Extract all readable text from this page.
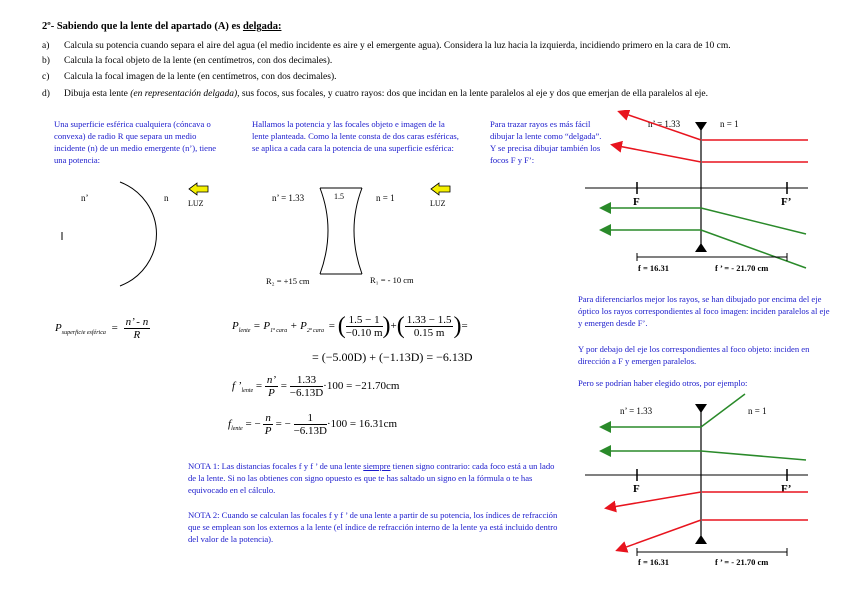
2º- Sabiendo que la lente del apartado (A) es delgada:
a) Calcula su potencia cuando separa el aire del agua (el medio incidente es aire y el emergente agua). Considera la luz hacia la izquierda, incidiendo primero en la cara de 10 cm.
b) Calcula la focal objeto de la lente (en centímetros, con dos decimales).
c) Calcula la focal imagen de la lente (en centímetros, con dos decimales).
d) Dibuja esta lente (en representación delgada), sus focos, sus focales, y cuatro rayos: dos que incidan en la lente paralelos al eje y dos que emerjan de ella paralelos al eje.
Una superficie esférica cualquiera (cóncava o convexa) de radio R que separa un medio incidente (n) de un medio emergente (n’), tiene una potencia:
n’	n
LUZ
$P_{superficie esférica} = \frac{n’ - n}{R}$
Hallamos la potencia y las focales objeto e imagen de la lente planteada. Como la lente consta de dos caras esféricas, se aplica a cada cara la potencia de una superficie esférica:
n’ = 1.33	1.5	n = 1
LUZ
R₂ = +15 cm	R₁ = - 10 cm
$P_{lente} = P_{1ª cara} + P_{2ª cara}$ = ( $\frac{1.5 - 1}{-0.10 m}$ )+( $\frac{1.33 - 1.5}{0.15 m}$ )=
= (−5.00D) + (−1.13D) = −6.13D
f $’_{lente} = \frac{n’}{P} = \frac{1.33}{-6.13D} \cdot 100 = -21.70cm$
$f_{lente}$ = − $\frac{n}{P}$ = − $\frac{1}{-6.13D} \cdot 100 = 16.31cm$
NOTA 1: Las distancias focales f y f ’ de una lente siempre tienen signo contrario: cada foco está a un lado de la lente. Si no las obtienes con signo opuesto es que te has saltado un signo en la fórmula o te has equivocado en el cálculo.
NOTA 2: Cuando se calculan las focales f y f ’ de una lente a partir de su potencia, los índices de refracción que se emplean son los externos a la lente (el índice de refracción interno de la lente ya está incluido dentro del valor de la potencia).
Para trazar rayos es más fácil dibujar la lente como “delgada”. Y se precisa dibujar también los focos F y F’:
n’ = 1.33	n = 1
F	F’
f = 16.31	f ’ = - 21.70 cm
Para diferenciarlos mejor los rayos, se han dibujado por encima del eje óptico los rayos correspondientes al foco imagen: inciden paralelos al eje y emergen desde F’.
Y por debajo del eje los correspondientes al foco objeto: inciden en dirección a F y emergen paralelos.
Pero se podrían haber elegido otros, por ejemplo:
n’ = 1.33	n = 1
F	F’
f = 16.31	f ’ = - 21.70 cm
